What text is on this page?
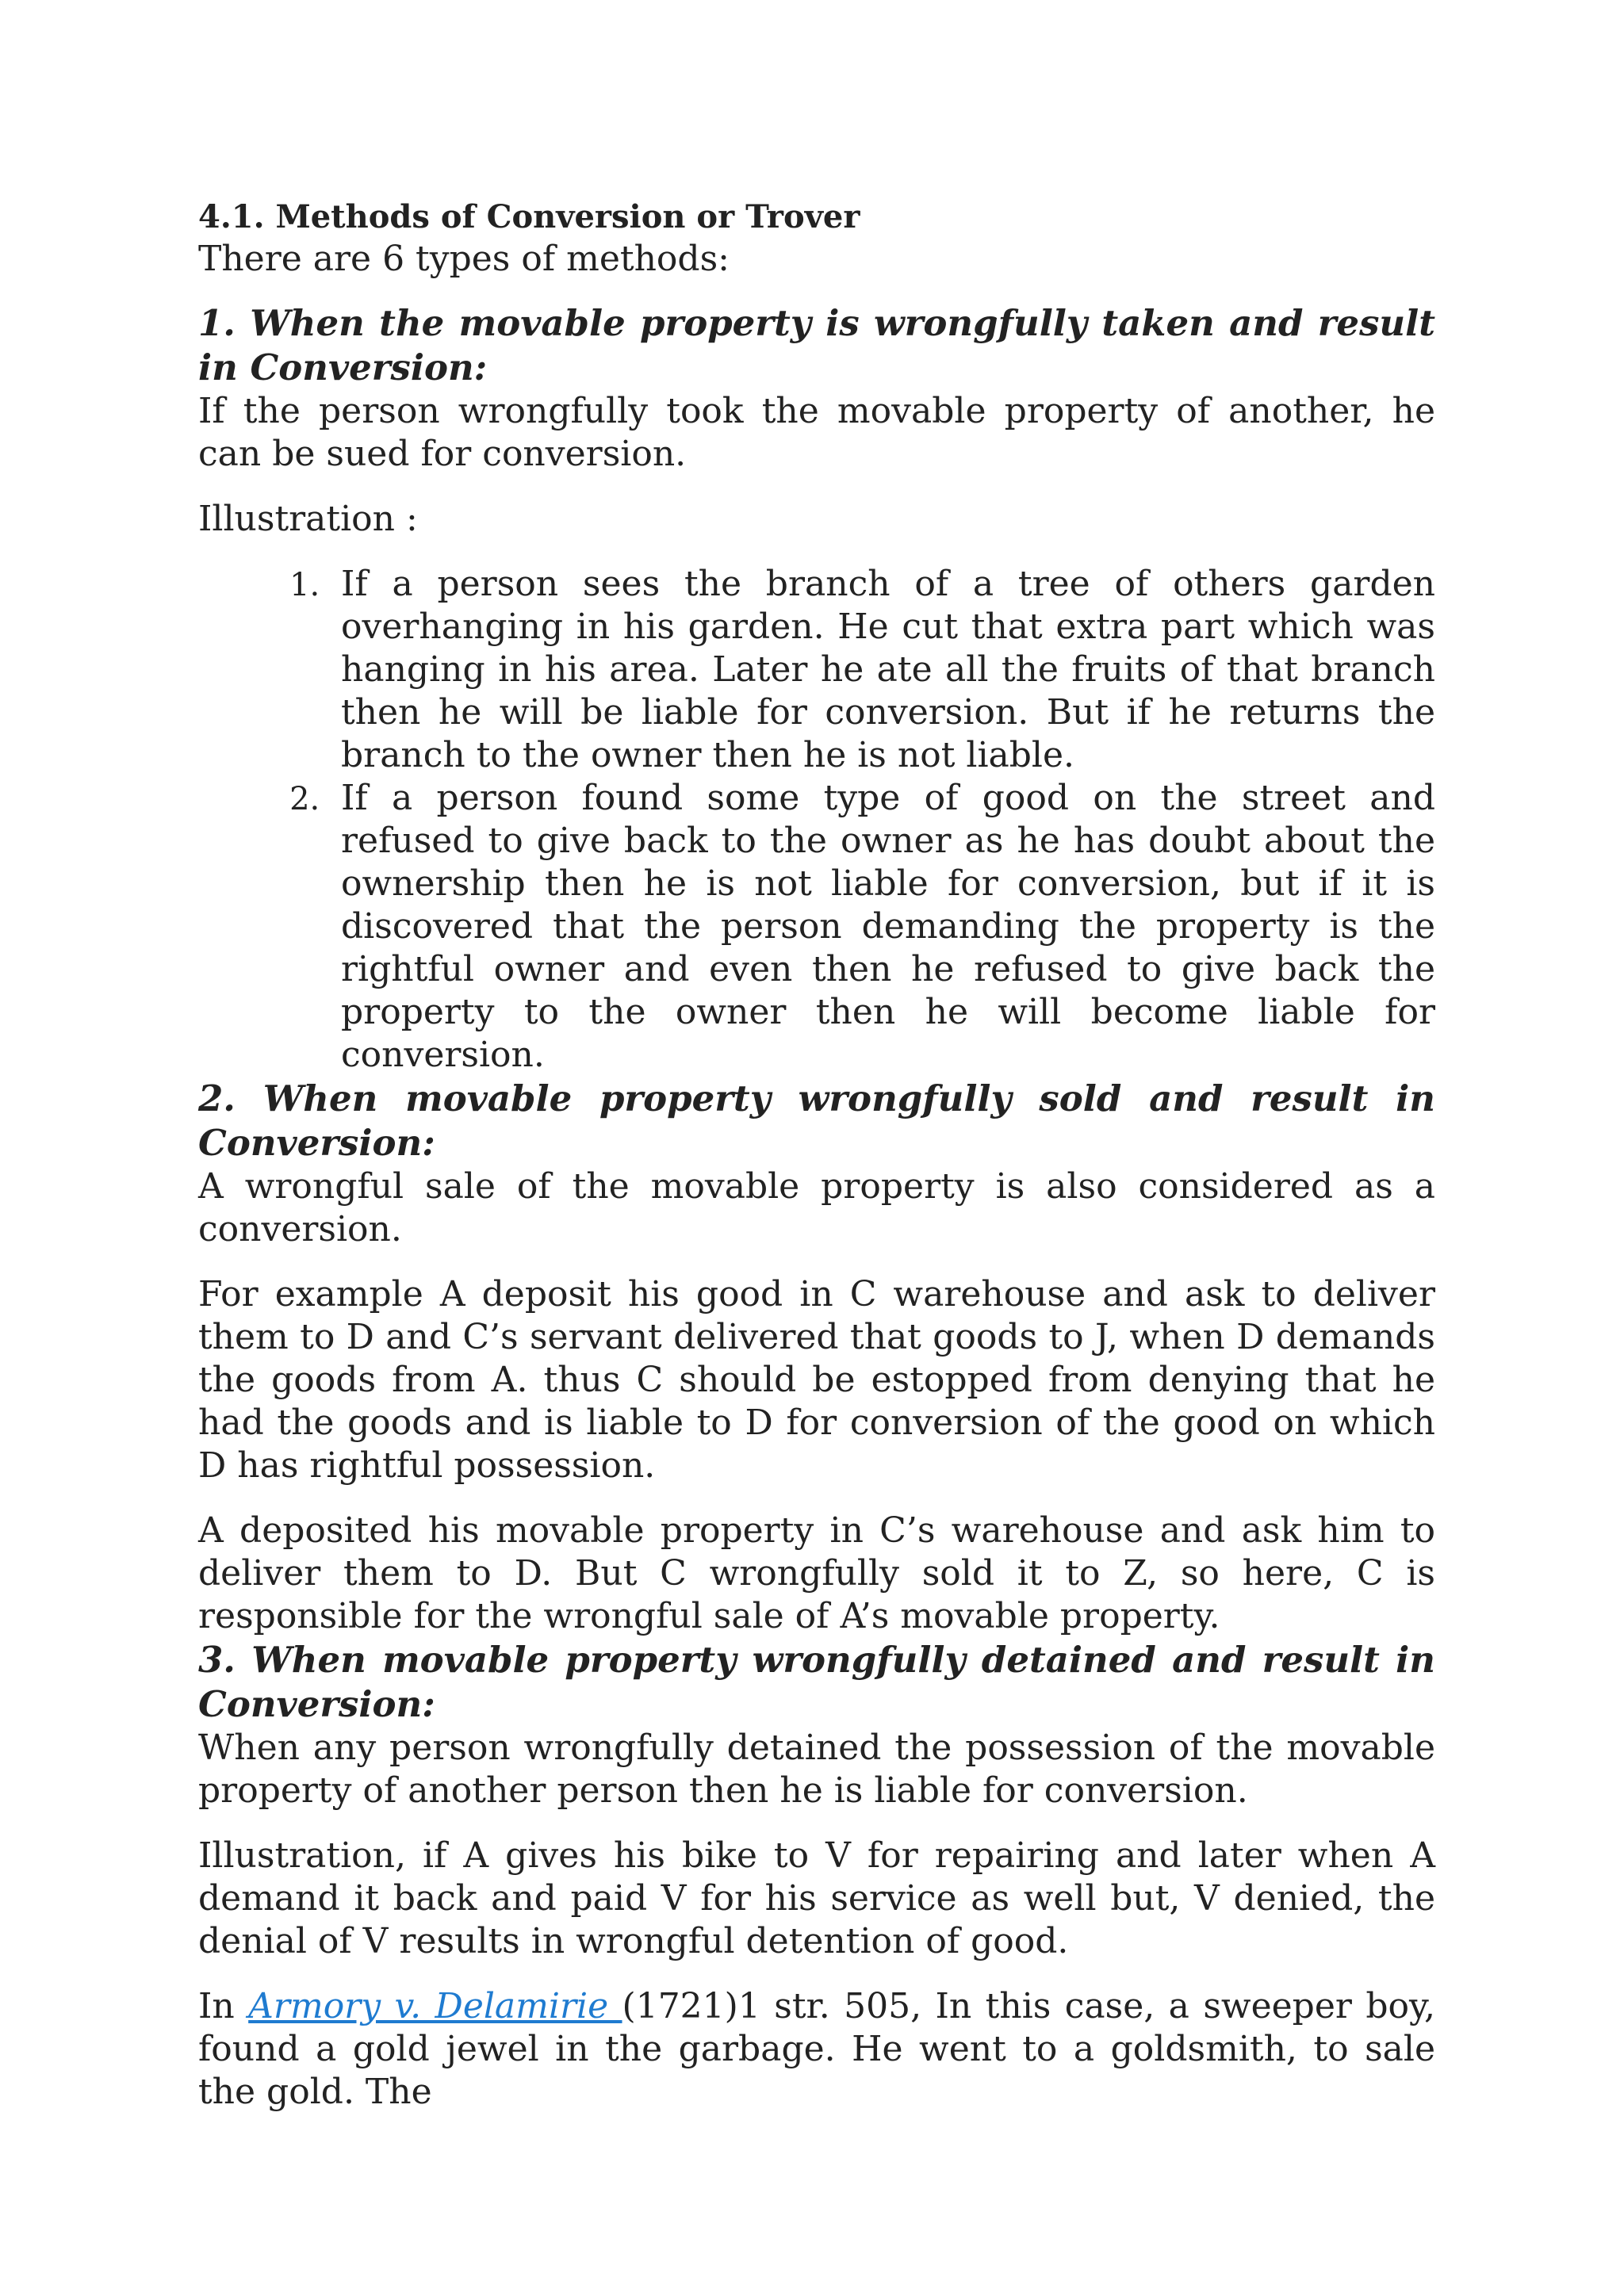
4.1. Methods of Conversion or Trover

There are 6 types of methods:

1. When the movable property is wrongfully taken and result in Conversion:

If the person wrongfully took the movable property of another, he can be sued for conversion.

Illustration :

1. If a person sees the branch of a tree of others garden overhanging in his garden. He cut that extra part which was hanging in his area. Later he ate all the fruits of that branch then he will be liable for conversion. But if he returns the branch to the owner then he is not liable.
2. If a person found some type of good on the street and refused to give back to the owner as he has doubt about the ownership then he is not liable for conversion, but if it is discovered that the person demanding the property is the rightful owner and even then he refused to give back the property to the owner then he will become liable for conversion.
2. When movable property wrongfully sold and result in Conversion:

A wrongful sale of the movable property is also considered as a conversion.

For example A deposit his good in C warehouse and ask to deliver them to D and C’s servant delivered that goods to J, when D demands the goods from A. thus C should be estopped from denying that he had the goods and is liable to D for conversion of the good on which D has rightful possession.

A deposited his movable property in C’s warehouse and ask him to deliver them to D. But C wrongfully sold it to Z, so here, C is responsible for the wrongful sale of A’s movable property.

3. When movable property wrongfully detained and result in Conversion:

When any person wrongfully detained the possession of the movable property of another person then he is liable for conversion.

Illustration, if A gives his bike to V for repairing and later when A demand it back and paid V for his service as well but, V denied, the denial of V results in wrongful detention of good.

In Armory v. Delamirie (1721)1 str. 505, In this case, a sweeper boy, found a gold jewel in the garbage. He went to a goldsmith, to sale the gold. The
